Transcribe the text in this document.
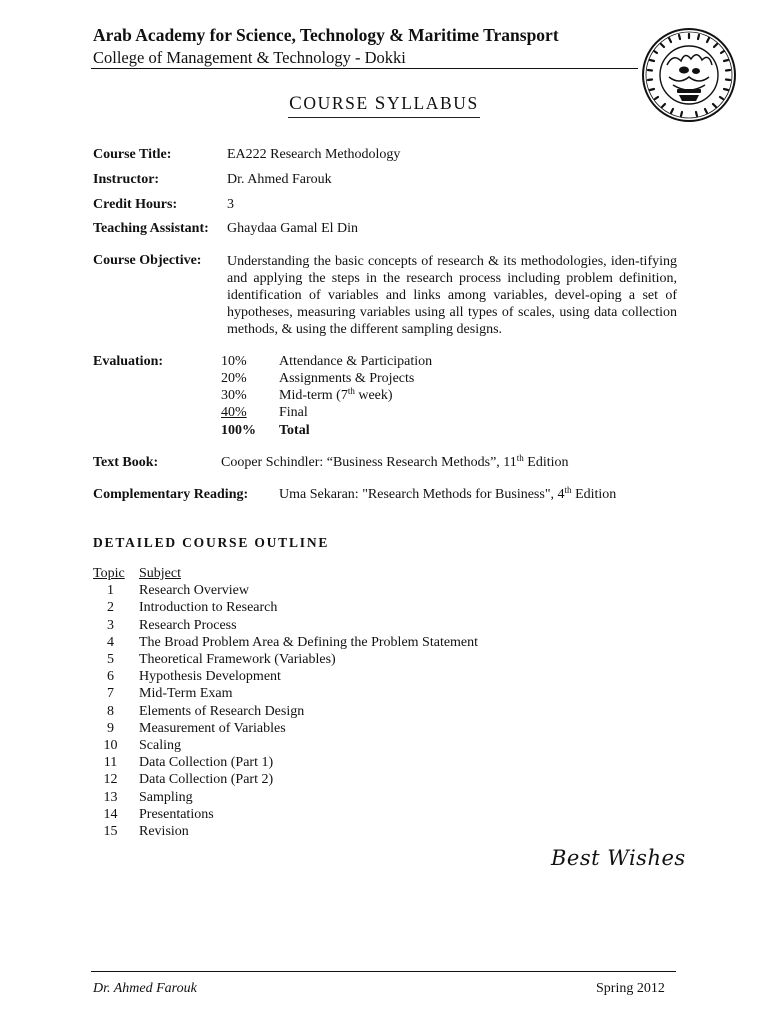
Arab Academy for Science, Technology & Maritime Transport
College of Management & Technology - Dokki
COURSE SYLLABUS
Course Title:	EA222 Research Methodology
Instructor:	Dr. Ahmed Farouk
Credit Hours:	3
Teaching Assistant: Ghaydaa Gamal El Din
Course Objective: Understanding the basic concepts of research & its methodologies, iden-tifying and applying the steps in the research process including problem definition, identification of variables and links among variables, devel-oping a set of hypotheses, measuring variables using all types of scales, using data collection methods, & using the different sampling designs.
Evaluation:	10% Attendance & Participation
20% Assignments & Projects
30% Mid-term (7th week)
40% Final
100% Total
Text Book:	Cooper Schindler: “Business Research Methods”, 11th Edition
Complementary Reading: Uma Sekaran: "Research Methods for Business", 4th Edition
DETAILED COURSE OUTLINE
Topic	Subject
1	Research Overview
2	Introduction to Research
3	Research Process
4	The Broad Problem Area & Defining the Problem Statement
5	Theoretical Framework (Variables)
6	Hypothesis Development
7	Mid-Term Exam
8	Elements of Research Design
9	Measurement of Variables
10	Scaling
11	Data Collection (Part 1)
12	Data Collection (Part 2)
13	Sampling
14	Presentations
15	Revision
Best Wishes
Dr. Ahmed Farouk	Spring 2012
